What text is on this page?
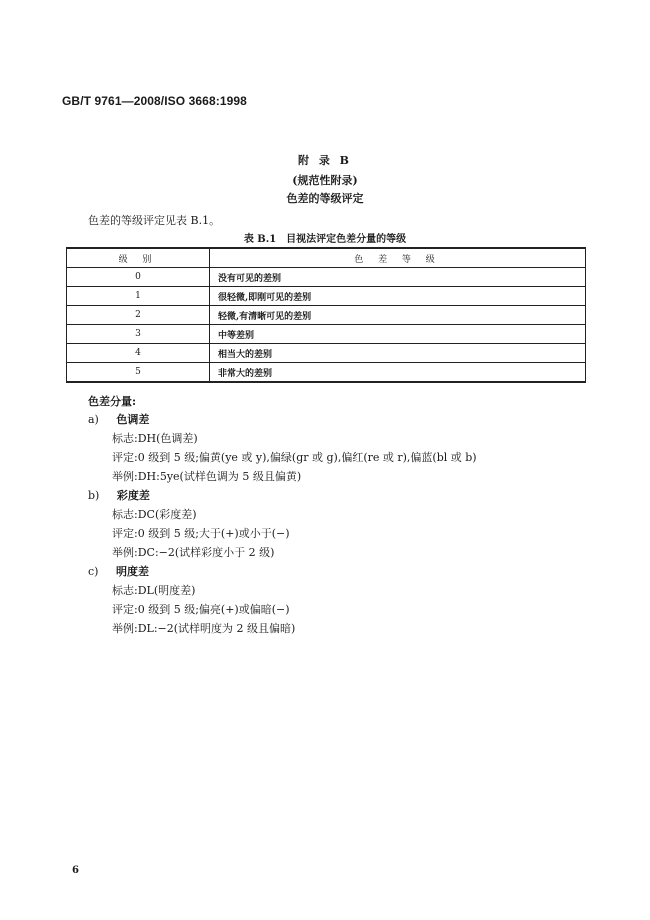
GB/T 9761—2008/ISO 3668:1998
附 录 B
(规范性附录)
色差的等级评定
色差的等级评定见表 B.1。
表 B.1　目视法评定色差分量的等级
级 别	色 差 等 级
0	没有可见的差别
1	很轻微,即刚可见的差别
2	轻微,有清晰可见的差别
3	中等差别
4	相当大的差别
5	非常大的差别
色差分量:
a) 色调差
标志:DH(色调差)
评定:0 级到 5 级;偏黄(ye 或 y),偏绿(gr 或 g),偏红(re 或 r),偏蓝(bl 或 b)
举例:DH:5ye(试样色调为 5 级且偏黄)
b) 彩度差
标志:DC(彩度差)
评定:0 级到 5 级;大于(+)或小于(−)
举例:DC:−2(试样彩度小于 2 级)
c) 明度差
标志:DL(明度差)
评定:0 级到 5 级;偏亮(+)或偏暗(−)
举例:DL:−2(试样明度为 2 级且偏暗)
6
